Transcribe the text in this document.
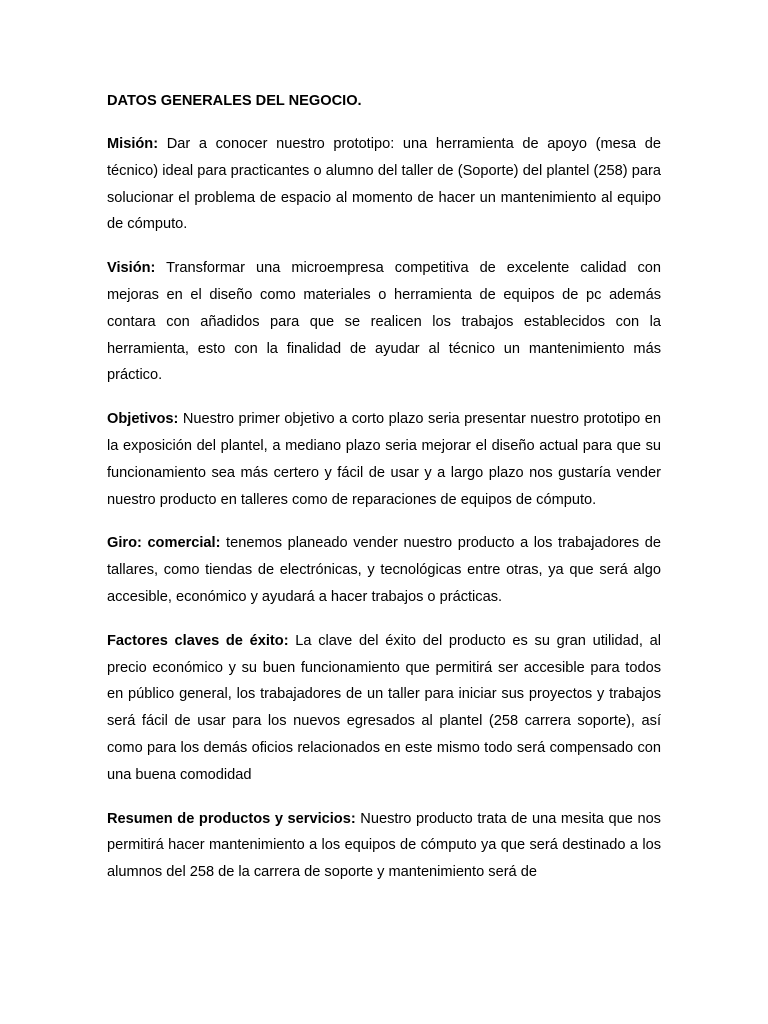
DATOS GENERALES DEL NEGOCIO.

Misión: Dar a conocer nuestro prototipo: una herramienta de apoyo (mesa de técnico) ideal para practicantes o alumno del taller de (Soporte) del plantel (258) para solucionar el problema de espacio al momento de hacer un mantenimiento al equipo de cómputo.

Visión: Transformar una microempresa competitiva de excelente calidad con mejoras en el diseño como materiales o herramienta de equipos de pc además contara con añadidos para que se realicen los trabajos establecidos con la herramienta, esto con la finalidad de ayudar al técnico un mantenimiento más práctico.

Objetivos: Nuestro primer objetivo a corto plazo seria presentar nuestro prototipo en la exposición del plantel, a mediano plazo seria mejorar el diseño actual para que su funcionamiento sea más certero y fácil de usar y a largo plazo nos gustaría vender nuestro producto en talleres como de reparaciones de equipos de cómputo.

Giro: comercial: tenemos planeado vender nuestro producto a los trabajadores de tallares, como tiendas de electrónicas, y tecnológicas entre otras, ya que será algo accesible, económico y ayudará a hacer trabajos o prácticas.

Factores claves de éxito: La clave del éxito del producto es su gran utilidad, al precio económico y su buen funcionamiento que permitirá ser accesible para todos en público general, los trabajadores de un taller para iniciar sus proyectos y trabajos será fácil de usar para los nuevos egresados al plantel (258 carrera soporte), así como para los demás oficios relacionados en este mismo todo será compensado con una buena comodidad

Resumen de productos y servicios: Nuestro producto trata de una mesita que nos permitirá hacer mantenimiento a los equipos de cómputo ya que será destinado a los alumnos del 258 de la carrera de soporte y mantenimiento será de
